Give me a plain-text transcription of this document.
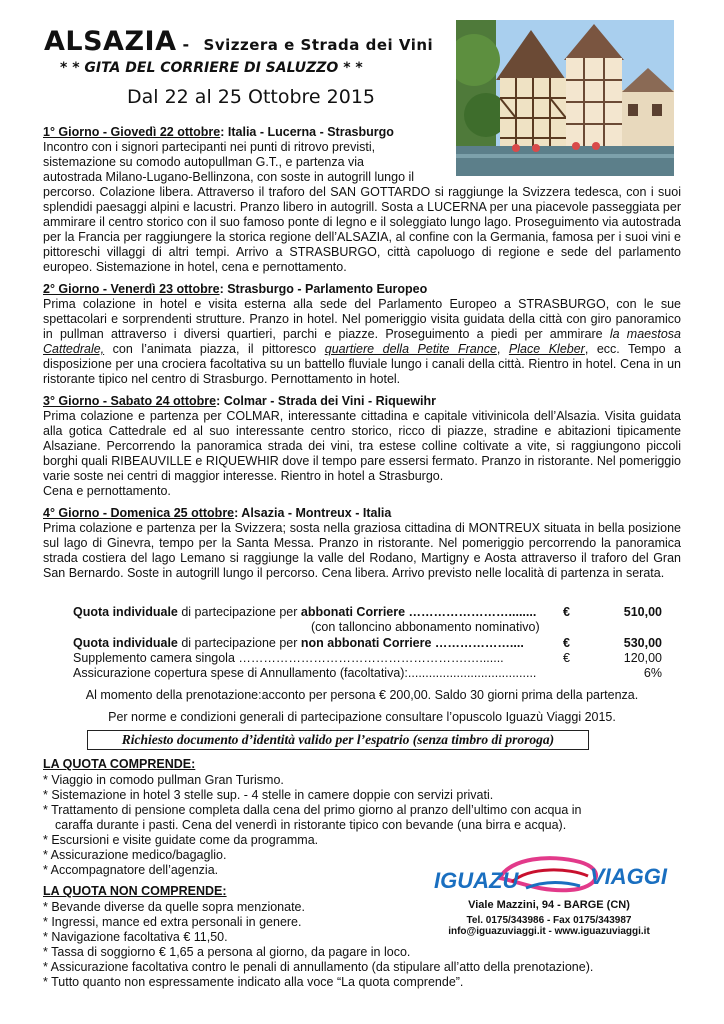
ALSAZIA - Svizzera e Strada dei Vini
* * GITA DEL CORRIERE DI SALUZZO * *
Dal 22 al 25 Ottobre 2015
1° Giorno - Giovedì 22 ottobre: Italia - Lucerna - Strasburgo
Incontro con i signori partecipanti nei punti di ritrovo previsti,
sistemazione su comodo autopullman G.T., e partenza via
autostrada Milano-Lugano-Bellinzona, con soste in autogrill lungo il
percorso. Colazione libera. Attraverso il traforo del SAN GOTTARDO si raggiunge la Svizzera tedesca, con i suoi splendidi paesaggi alpini e lacustri. Pranzo libero in autogrill. Sosta a LUCERNA per una piacevole passeggiata per ammirare il centro storico con il suo famoso ponte di legno e il soleggiato lungo lago. Proseguimento via autostrada per la Francia per raggiungere la storica regione dell’ALSAZIA, al confine con la Germania, famosa per i suoi vini e pittoreschi villaggi di altri tempi. Arrivo a STRASBURGO, città capoluogo di regione e sede del parlamento europeo. Sistemazione in hotel, cena e pernottamento.
2° Giorno - Venerdì 23 ottobre: Strasburgo - Parlamento Europeo
Prima colazione in hotel e visita esterna alla sede del Parlamento Europeo a STRASBURGO, con le sue spettacolari e sorprendenti strutture. Pranzo in hotel. Nel pomeriggio visita guidata della città con giro panoramico in pullman attraverso i diversi quartieri, parchi e piazze. Proseguimento a piedi per ammirare la maestosa Cattedrale, con l’animata piazza, il pittoresco quartiere della Petite France, Place Kleber, ecc. Tempo a disposizione per una crociera facoltativa su un battello fluviale lungo i canali della città. Rientro in hotel. Cena in un ristorante tipico nel centro di Strasburgo. Pernottamento in hotel.
3° Giorno - Sabato 24 ottobre: Colmar - Strada dei Vini - Riquewihr
Prima colazione e partenza per COLMAR, interessante cittadina e capitale vitivinicola dell’Alsazia. Visita guidata alla gotica Cattedrale ed al suo interessante centro storico, ricco di piazze, stradine e abitazioni tipicamente Alsaziane. Percorrendo la panoramica strada dei vini, tra estese colline coltivate a vite, si raggiungono piccoli borghi quali RIBEAUVILLE e RIQUEWHIR dove il tempo pare essersi fermato. Pranzo in ristorante. Nel pomeriggio varie soste nei centri di maggior interesse. Rientro in hotel a Strasburgo.
Cena e pernottamento.
4° Giorno - Domenica 25 ottobre: Alsazia - Montreux - Italia
Prima colazione e partenza per la Svizzera; sosta nella graziosa cittadina di MONTREUX situata in bella posizione sul lago di Ginevra, tempo per la Santa Messa. Pranzo in ristorante. Nel pomeriggio percorrendo la panoramica strada costiera del lago Lemano si raggiunge la valle del Rodano, Martigny e Aosta attraverso il traforo del Gran San Bernardo. Soste in autogrill lungo il percorso. Cena libera. Arrivo previsto nelle località di partenza in serata.
Quota individuale di partecipazione per abbonati Corriere ……………………........ €	510,00
(con talloncino abbonamento nominativo)
Quota individuale di partecipazione per non abbonati Corriere ………………....	€	530,00
Supplemento camera singola ……………………………………………….….......	€	120,00
Assicurazione copertura spese di Annullamento (facoltativa):.....................................	6%
Al momento della prenotazione:acconto per persona € 200,00. Saldo 30 giorni prima della partenza.
Per norme e condizioni generali di partecipazione consultare l’opuscolo Iguazù Viaggi 2015.
Richiesto documento d’identità valido per l’espatrio (senza timbro di proroga)
LA QUOTA COMPRENDE:
* Viaggio in comodo pullman Gran Turismo.
* Sistemazione in hotel 3 stelle sup. - 4 stelle in camere doppie con servizi privati.
* Trattamento di pensione completa dalla cena del primo giorno al pranzo dell’ultimo con acqua in
caraffa durante i pasti. Cena del venerdì in ristorante tipico con bevande (una birra e acqua).
* Escursioni e visite guidate come da programma.
* Assicurazione medico/bagaglio.
* Accompagnatore dell’agenzia.
LA QUOTA NON COMPRENDE:
* Bevande diverse da quelle sopra menzionate.
* Ingressi, mance ed extra personali in genere.
* Navigazione facoltativa € 11,50.
* Tassa di soggiorno € 1,65 a persona al giorno, da pagare in loco.
* Assicurazione facoltativa contro le penali di annullamento (da stipulare all’atto della prenotazione).
* Tutto quanto non espressamente indicato alla voce “La quota comprende”.
IGUAZU	VIAGGI
Viale Mazzini, 94 - BARGE (CN)
Tel. 0175/343986 - Fax 0175/343987
info@iguazuviaggi.it - www.iguazuviaggi.it
